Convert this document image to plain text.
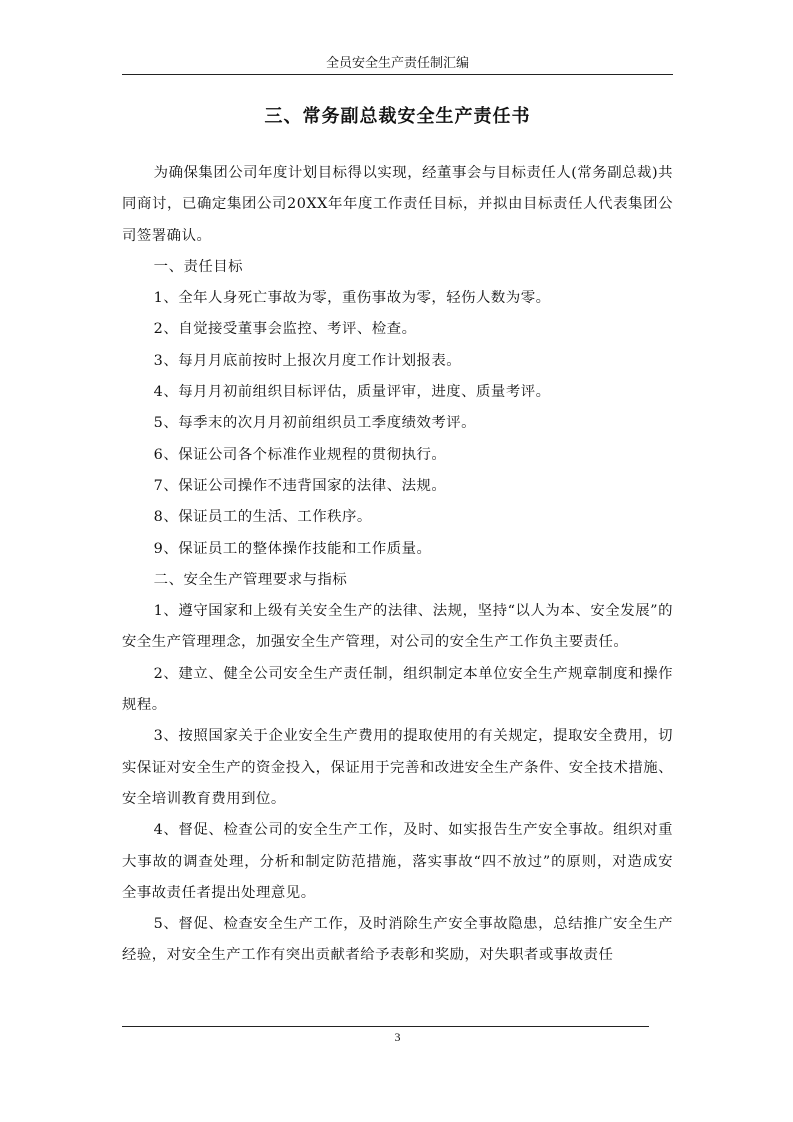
全员安全生产责任制汇编
三、常务副总裁安全生产责任书

为确保集团公司年度计划目标得以实现，经董事会与目标责任人(常务副总裁)共同商讨，已确定集团公司20XX年年度工作责任目标，并拟由目标责任人代表集团公司签署确认。

一、责任目标

1、全年人身死亡事故为零，重伤事故为零，轻伤人数为零。

2、自觉接受董事会监控、考评、检查。

3、每月月底前按时上报次月度工作计划报表。

4、每月月初前组织目标评估，质量评审，进度、质量考评。

5、每季末的次月月初前组织员工季度绩效考评。

6、保证公司各个标准作业规程的贯彻执行。

7、保证公司操作不违背国家的法律、法规。

8、保证员工的生活、工作秩序。

9、保证员工的整体操作技能和工作质量。

二、安全生产管理要求与指标

1、遵守国家和上级有关安全生产的法律、法规，坚持“以人为本、安全发展”的安全生产管理理念，加强安全生产管理，对公司的安全生产工作负主要责任。

2、建立、健全公司安全生产责任制，组织制定本单位安全生产规章制度和操作规程。

3、按照国家关于企业安全生产费用的提取使用的有关规定，提取安全费用，切实保证对安全生产的资金投入，保证用于完善和改进安全生产条件、安全技术措施、安全培训教育费用到位。

4、督促、检查公司的安全生产工作，及时、如实报告生产安全事故。组织对重大事故的调查处理，分析和制定防范措施，落实事故“四不放过”的原则，对造成安全事故责任者提出处理意见。

5、督促、检查安全生产工作，及时消除生产安全事故隐患，总结推广安全生产经验，对安全生产工作有突出贡献者给予表彰和奖励，对失职者或事故责任

3
